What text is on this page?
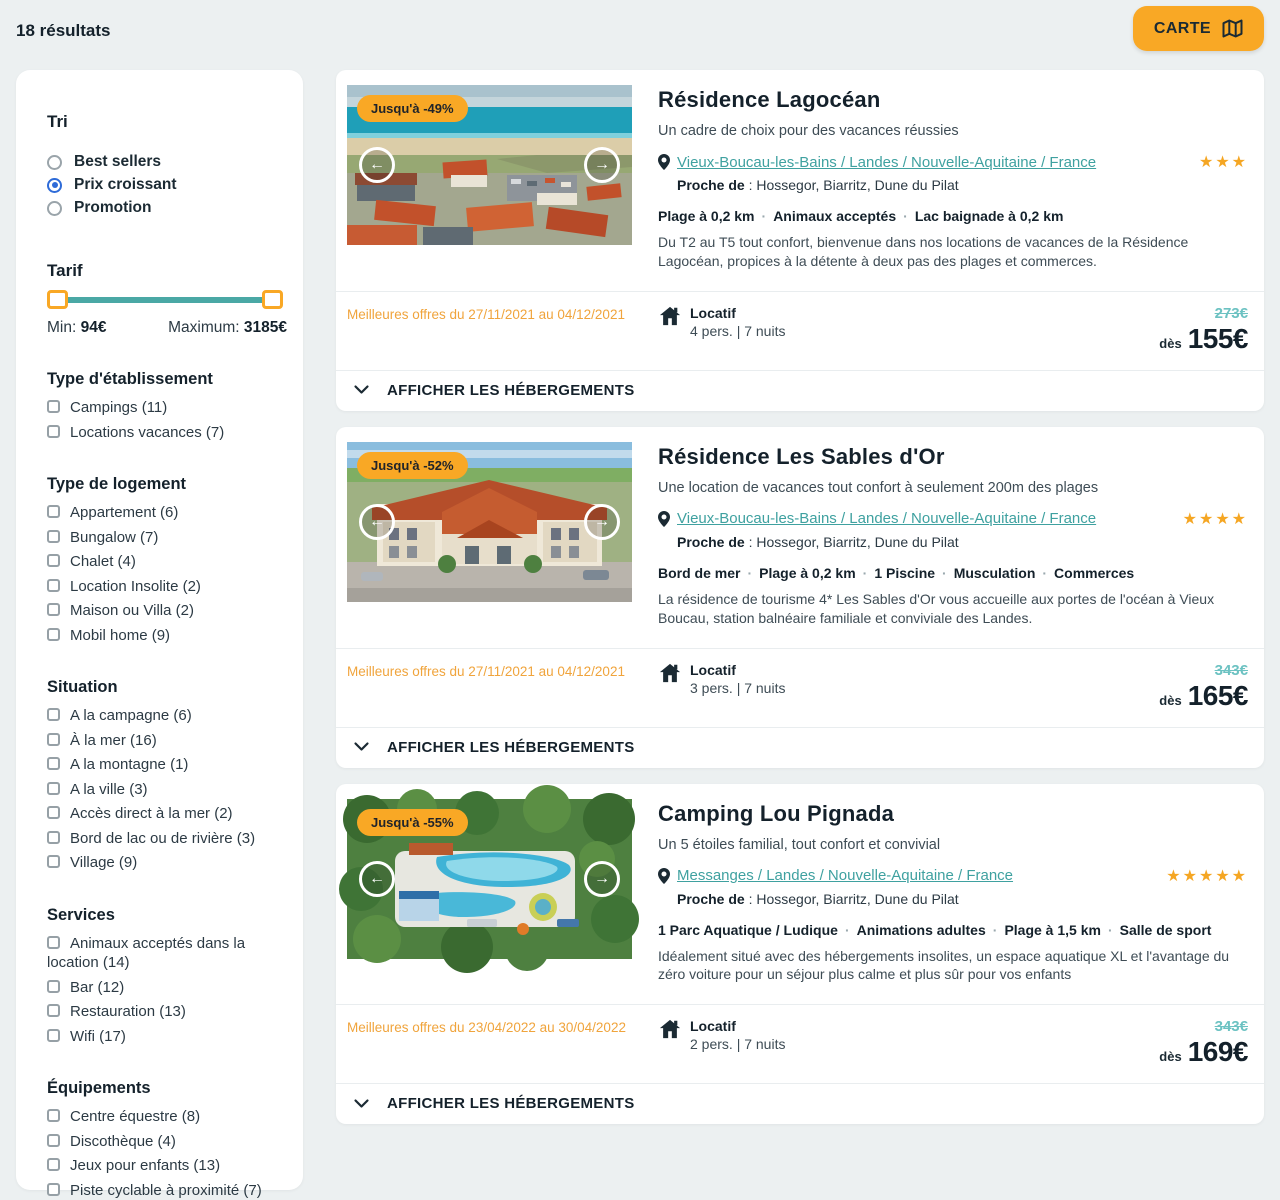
18 résultats	CARTE
Tri
Best sellers
Prix croissant
Promotion
Tarif
Min: 94€	Maximum: 3185€
Type d'établissement
Campings (11)
Locations vacances (7)
Type de logement
Appartement (6)
Bungalow (7)
Chalet (4)
Location Insolite (2)
Maison ou Villa (2)
Mobil home (9)
Situation
A la campagne (6)
À la mer (16)
A la montagne (1)
A la ville (3)
Accès direct à la mer (2)
Bord de lac ou de rivière (3)
Village (9)
Services
Animaux acceptés dans la location (14)
Bar (12)
Restauration (13)
Wifi (17)
Équipements
Centre équestre (8)
Discothèque (4)
Jeux pour enfants (13)
Piste cyclable à proximité (7)
Jusqu'à -49%
←	→
Résidence Lagocéan
Un cadre de choix pour des vacances réussies
Vieux-Boucau-les-Bains / Landes / Nouvelle-Aquitaine / France	★★★
Proche de : Hossegor, Biarritz, Dune du Pilat
Plage à 0,2 km · Animaux acceptés · Lac baignade à 0,2 km
Du T2 au T5 tout confort, bienvenue dans nos locations de vacances de la Résidence Lagocéan, propices à la détente à deux pas des plages et commerces.
Meilleures offres du 27/11/2021 au 04/12/2021	Locatif
4 pers. | 7 nuits
273€
dès 155€
AFFICHER LES HÉBERGEMENTS
Jusqu'à -52%
←	→
Résidence Les Sables d'Or
Une location de vacances tout confort à seulement 200m des plages
Vieux-Boucau-les-Bains / Landes / Nouvelle-Aquitaine / France	★★★★
Proche de : Hossegor, Biarritz, Dune du Pilat
Bord de mer · Plage à 0,2 km · 1 Piscine · Musculation · Commerces
La résidence de tourisme 4* Les Sables d'Or vous accueille aux portes de l'océan à Vieux Boucau, station balnéaire familiale et conviviale des Landes.
Meilleures offres du 27/11/2021 au 04/12/2021	Locatif
3 pers. | 7 nuits
343€
dès 165€
AFFICHER LES HÉBERGEMENTS
Jusqu'à -55%
←	→
Camping Lou Pignada
Un 5 étoiles familial, tout confort et convivial
Messanges / Landes / Nouvelle-Aquitaine / France	★★★★★
Proche de : Hossegor, Biarritz, Dune du Pilat
1 Parc Aquatique / Ludique · Animations adultes · Plage à 1,5 km · Salle de sport
Idéalement situé avec des hébergements insolites, un espace aquatique XL et l'avantage du zéro voiture pour un séjour plus calme et plus sûr pour vos enfants
Meilleures offres du 23/04/2022 au 30/04/2022	Locatif
2 pers. | 7 nuits
343€
dès 169€
AFFICHER LES HÉBERGEMENTS
